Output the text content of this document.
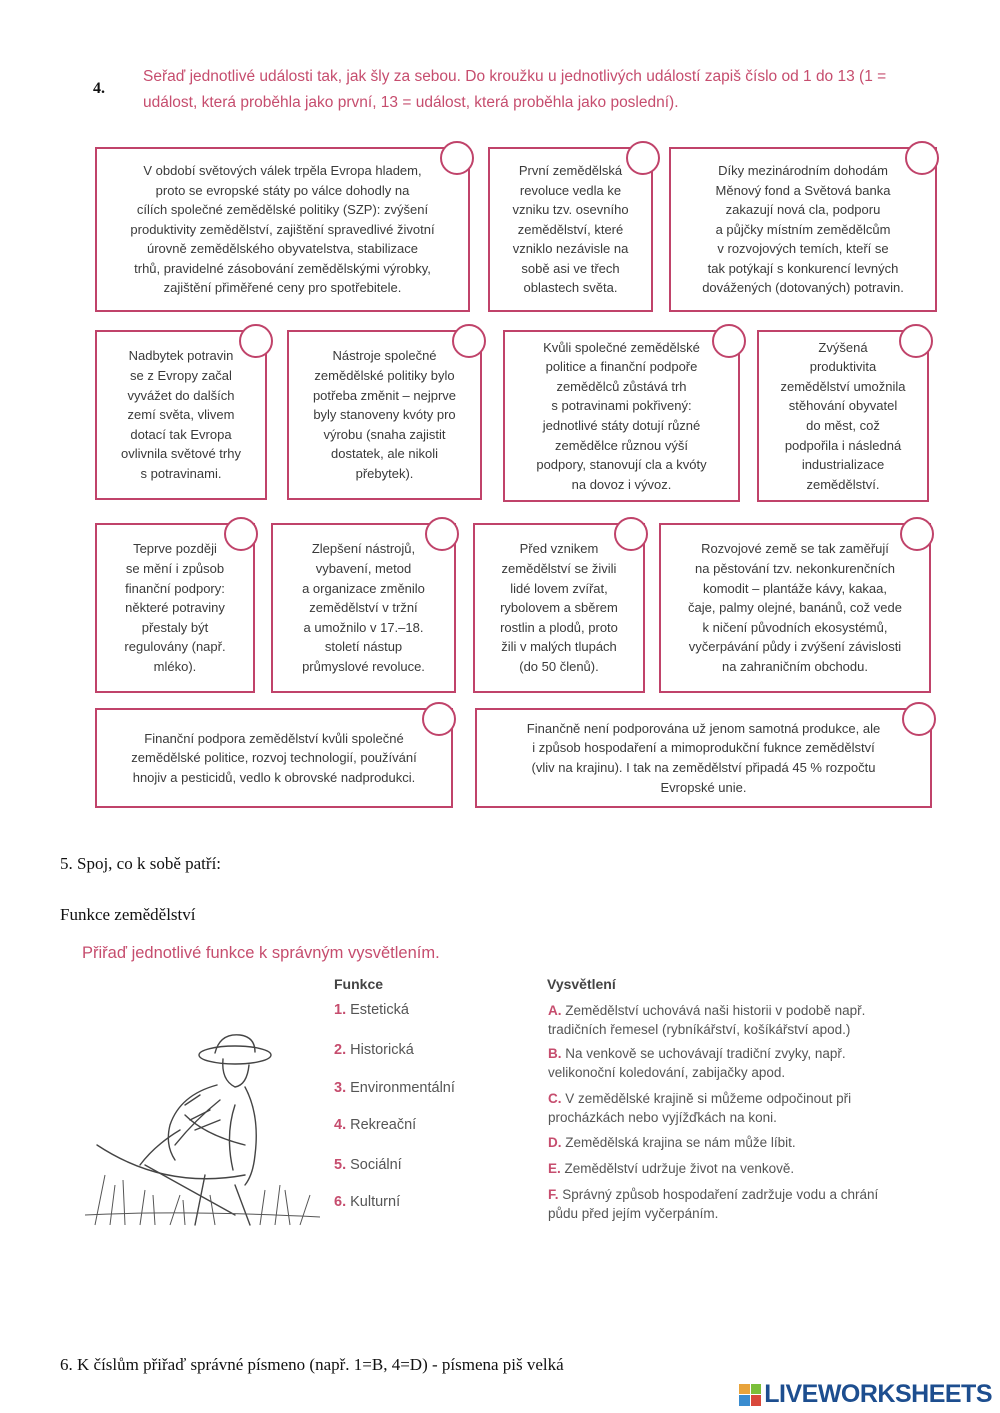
4.
Seřaď jednotlivé události tak, jak šly za sebou. Do kroužku u jednotlivých událostí zapiš číslo od 1 do 13 (1 = událost, která proběhla jako první, 13 = událost, která proběhla jako poslední).
V období světových válek trpěla Evropa hladem,
proto se evropské státy po válce dohodly na
cílích společné zemědělské politiky (SZP): zvýšení
produktivity zemědělství, zajištění spravedlivé životní
úrovně zemědělského obyvatelstva, stabilizace
trhů, pravidelné zásobování zemědělskými výrobky,
zajištění přiměřené ceny pro spotřebitele.
První zemědělská
revoluce vedla ke
vzniku tzv. osevního
zemědělství, které
vzniklo nezávisle na
sobě asi ve třech
oblastech světa.
Díky mezinárodním dohodám
Měnový fond a Světová banka
zakazují nová cla, podporu
a půjčky místním zemědělcům
v rozvojových temích, kteří se
tak potýkají s konkurencí levných
dovážených (dotovaných) potravin.
Nadbytek potravin
se z Evropy začal
vyvážet do dalších
zemí světa, vlivem
dotací tak Evropa
ovlivnila světové trhy
s potravinami.
Nástroje společné
zemědělské politiky bylo
potřeba změnit – nejprve
byly stanoveny kvóty pro
výrobu (snaha zajistit
dostatek, ale nikoli
přebytek).
Kvůli společné zemědělské
politice a finanční podpoře
zemědělců zůstává trh
s potravinami pokřivený:
jednotlivé státy dotují různé
zemědělce různou výší
podpory, stanovují cla a kvóty
na dovoz i vývoz.
Zvýšená
produktivita
zemědělství umožnila
stěhování obyvatel
do měst, což
podpořila i následná
industrializace
zemědělství.
Teprve později
se mění i způsob
finanční podpory:
některé potraviny
přestaly být
regulovány (např.
mléko).
Zlepšení nástrojů,
vybavení, metod
a organizace změnilo
zemědělství v tržní
a umožnilo v 17.–18.
století nástup
průmyslové revoluce.
Před vznikem
zemědělství se živili
lidé lovem zvířat,
rybolovem a sběrem
rostlin a plodů, proto
žili v malých tlupách
(do 50 členů).
Rozvojové země se tak zaměřují
na pěstování tzv. nekonkurenčních
komodit – plantáže kávy, kakaa,
čaje, palmy olejné, banánů, což vede
k ničení původních ekosystémů,
vyčerpávání půdy i zvýšení závislosti
na zahraničním obchodu.
Finanční podpora zemědělství kvůli společné
zemědělské politice, rozvoj technologií, používání
hnojiv a pesticidů, vedlo k obrovské nadprodukci.
Finančně není podporována už jenom samotná produkce, ale
i způsob hospodaření a mimoprodukční fuknce zemědělství
(vliv na krajinu). I tak na zemědělství připadá 45 % rozpočtu
Evropské unie.
5. Spoj, co k sobě patří:
Funkce zemědělství
Přiřaď jednotlivé funkce k správným vysvětlením.
Funkce
1. Estetická
2. Historická
3. Environmentální
4. Rekreační
5. Sociální
6. Kulturní
Vysvětlení
A. Zemědělství uchovává naši historii v podobě např.
tradičních řemesel (rybníkářství, košíkářství apod.)
B. Na venkově se uchovávají tradiční zvyky, např.
velikonoční koledování, zabijačky apod.
C. V zemědělské krajině si můžeme odpočinout při
procházkách nebo vyjížďkách na koni.
D. Zemědělská krajina se nám může líbit.
E. Zemědělství udržuje život na venkově.
F. Správný způsob hospodaření zadržuje vodu a chrání
půdu před jejím vyčerpáním.
6. K číslům přiřaď správné písmeno (např. 1=B, 4=D) - písmena piš velká
LIVEWORKSHEETS
